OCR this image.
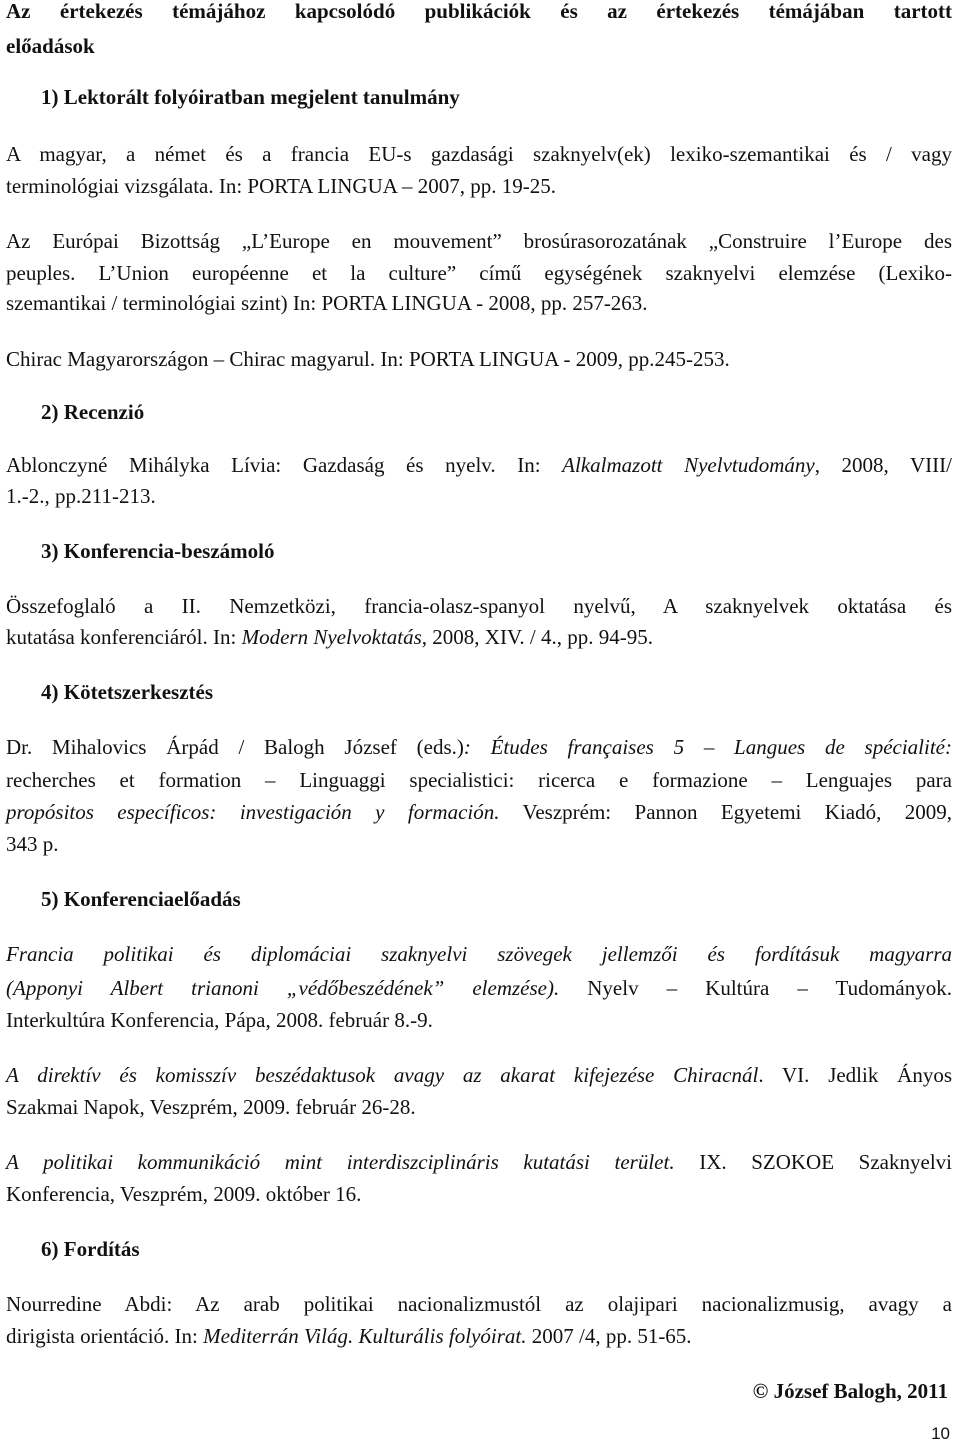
Az értekezés témájához kapcsolódó publikációk és az értekezés témájában tartott
előadások
1) Lektorált folyóiratban megjelent tanulmány
A magyar, a német és a francia EU-s gazdasági szaknyelv(ek) lexiko-szemantikai és / vagy
terminológiai vizsgálata. In: PORTA LINGUA – 2007, pp. 19-25.
Az Európai Bizottság „L’Europe en mouvement” brosúrasorozatának „Construire l’Europe des
peuples. L’Union européenne et la culture” című egységének szaknyelvi elemzése (Lexiko-
szemantikai / terminológiai szint) In: PORTA LINGUA - 2008, pp. 257-263.
Chirac Magyarországon – Chirac magyarul. In: PORTA LINGUA - 2009, pp.245-253.
2) Recenzió
Ablonczyné Mihályka Lívia: Gazdaság és nyelv. In: Alkalmazott Nyelvtudomány, 2008, VIII/
1.-2., pp.211-213.
3) Konferencia-beszámoló
Összefoglaló a II. Nemzetközi, francia-olasz-spanyol nyelvű, A szaknyelvek oktatása és
kutatása konferenciáról. In: Modern Nyelvoktatás, 2008, XIV. / 4., pp. 94-95.
4) Kötetszerkesztés
Dr. Mihalovics Árpád / Balogh József (eds.): Études françaises 5 – Langues de spécialité:
recherches et formation – Linguaggi specialistici: ricerca e formazione – Lenguajes para
propósitos específicos: investigación y formación. Veszprém: Pannon Egyetemi Kiadó, 2009,
343 p.
5) Konferenciaelőadás
Francia politikai és diplomáciai szaknyelvi szövegek jellemzői és fordításuk magyarra
(Apponyi Albert trianoni „védőbeszédének” elemzése). Nyelv – Kultúra – Tudományok.
Interkultúra Konferencia, Pápa, 2008. február 8.-9.
A direktív és komisszív beszédaktusok avagy az akarat kifejezése Chiracnál. VI. Jedlik Ányos
Szakmai Napok, Veszprém, 2009. február 26-28.
A politikai kommunikáció mint interdiszciplináris kutatási terület. IX. SZOKOE Szaknyelvi
Konferencia, Veszprém, 2009. október 16.
6) Fordítás
Nourredine Abdi: Az arab politikai nacionalizmustól az olajipari nacionalizmusig, avagy a
dirigista orientáció. In: Mediterrán Világ. Kulturális folyóirat. 2007 /4, pp. 51-65.
© József Balogh, 2011
10
